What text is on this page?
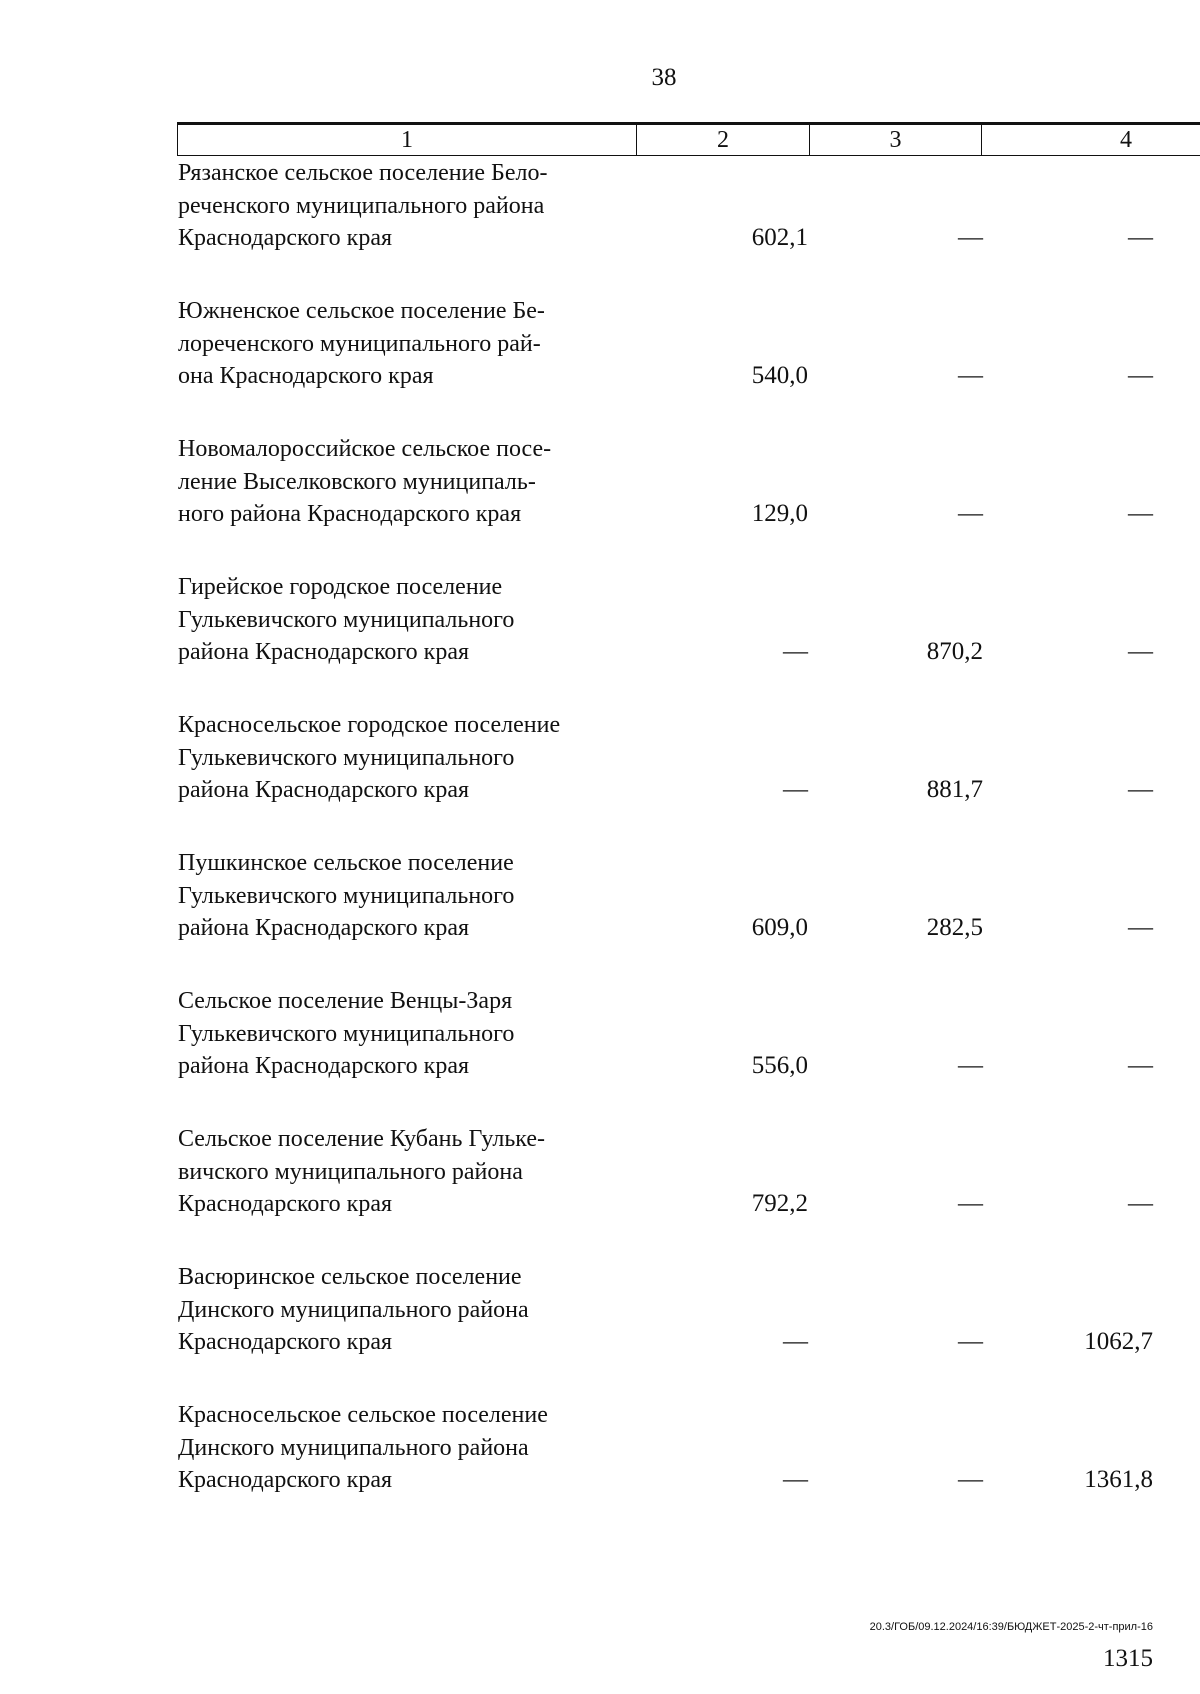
38
1	2	3	4
Рязанское сельское поселение Бело-
реченского муниципального района
Краснодарского края	602,1	—	—
Южненское сельское поселение Бе-
лореченского муниципального рай-
она Краснодарского края	540,0	—	—
Новомалороссийское сельское посе-
ление Выселковского муниципаль-
ного района Краснодарского края	129,0	—	—
Гирейское городское поселение
Гулькевичского муниципального
района Краснодарского края	—	870,2	—
Красносельское городское поселение
Гулькевичского муниципального
района Краснодарского края	—	881,7	—
Пушкинское сельское поселение
Гулькевичского муниципального
района Краснодарского края	609,0	282,5	—
Сельское поселение Венцы-Заря
Гулькевичского муниципального
района Краснодарского края	556,0	—	—
Сельское поселение Кубань Гульке-
вичского муниципального района
Краснодарского края	792,2	—	—
Васюринское сельское поселение
Динского муниципального района
Краснодарского края	—	—	1062,7
Красносельское сельское поселение
Динского муниципального района
Краснодарского края	—	—	1361,8
20.3/ГОБ/09.12.2024/16:39/БЮДЖЕТ-2025-2-чт-прил-16
1315
